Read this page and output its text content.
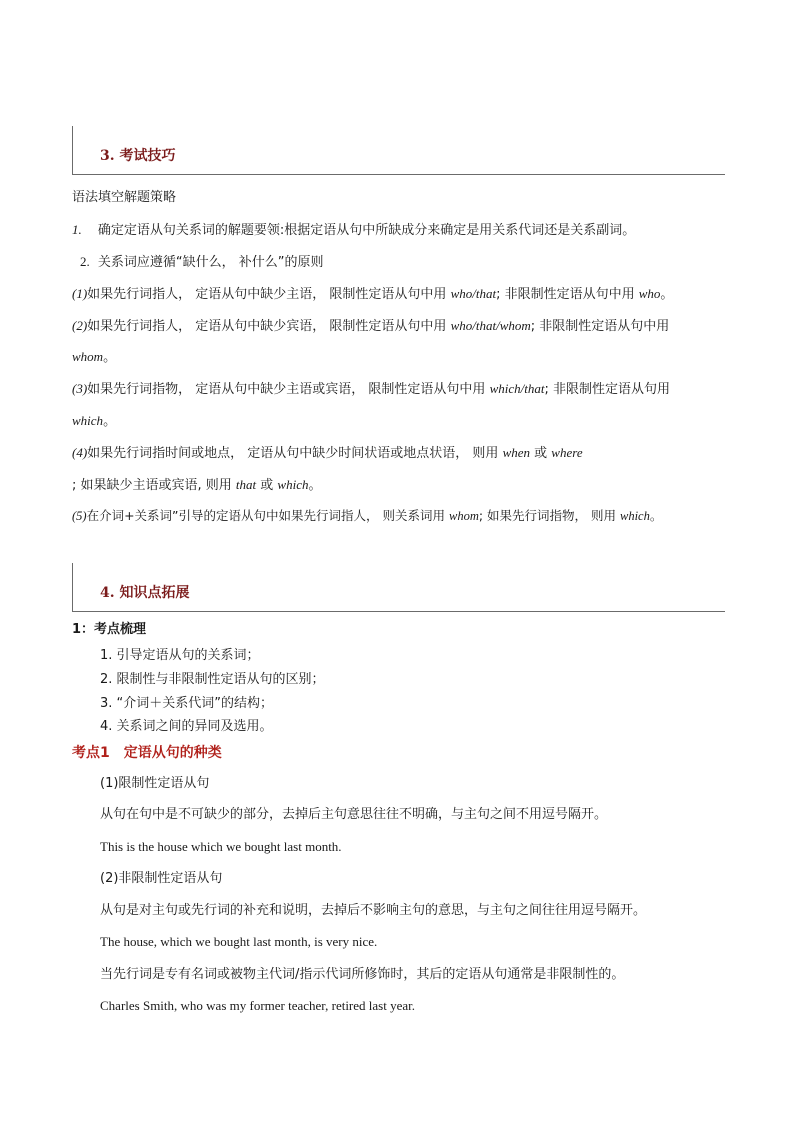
3. 考试技巧
语法填空解题策略
1. 确定定语从句关系词的解题要领:根据定语从句中所缺成分来确定是用关系代词还是关系副词。
2. 关系词应遵循“缺什么， 补什么”的原则
(1)如果先行词指人， 定语从句中缺少主语， 限制性定语从句中用 who/that; 非限制性定语从句中用 who。
(2)如果先行词指人， 定语从句中缺少宾语， 限制性定语从句中用 who/that/whom; 非限制性定语从句中用
whom。
(3)如果先行词指物， 定语从句中缺少主语或宾语， 限制性定语从句中用 which/that; 非限制性定语从句用
which。
(4)如果先行词指时间或地点， 定语从句中缺少时间状语或地点状语， 则用 when 或 where
; 如果缺少主语或宾语, 则用 that 或 which。
(5)在介词+关系词”引导的定语从句中如果先行词指人， 则关系词用 whom; 如果先行词指物， 则用 which。
4. 知识点拓展
1：考点梳理
1. 引导定语从句的关系词；
2. 限制性与非限制性定语从句的区别；
3. “介词＋关系代词”的结构；
4. 关系词之间的异同及选用。
考点1　定语从句的种类
(1)限制性定语从句
从句在句中是不可缺少的部分，去掉后主句意思往往不明确，与主句之间不用逗号隔开。
This is the house which we bought last month.
(2)非限制性定语从句
从句是对主句或先行词的补充和说明，去掉后不影响主句的意思，与主句之间往往用逗号隔开。
The house, which we bought last month, is very nice.
当先行词是专有名词或被物主代词/指示代词所修饰时，其后的定语从句通常是非限制性的。
Charles Smith, who was my former teacher, retired last year.
